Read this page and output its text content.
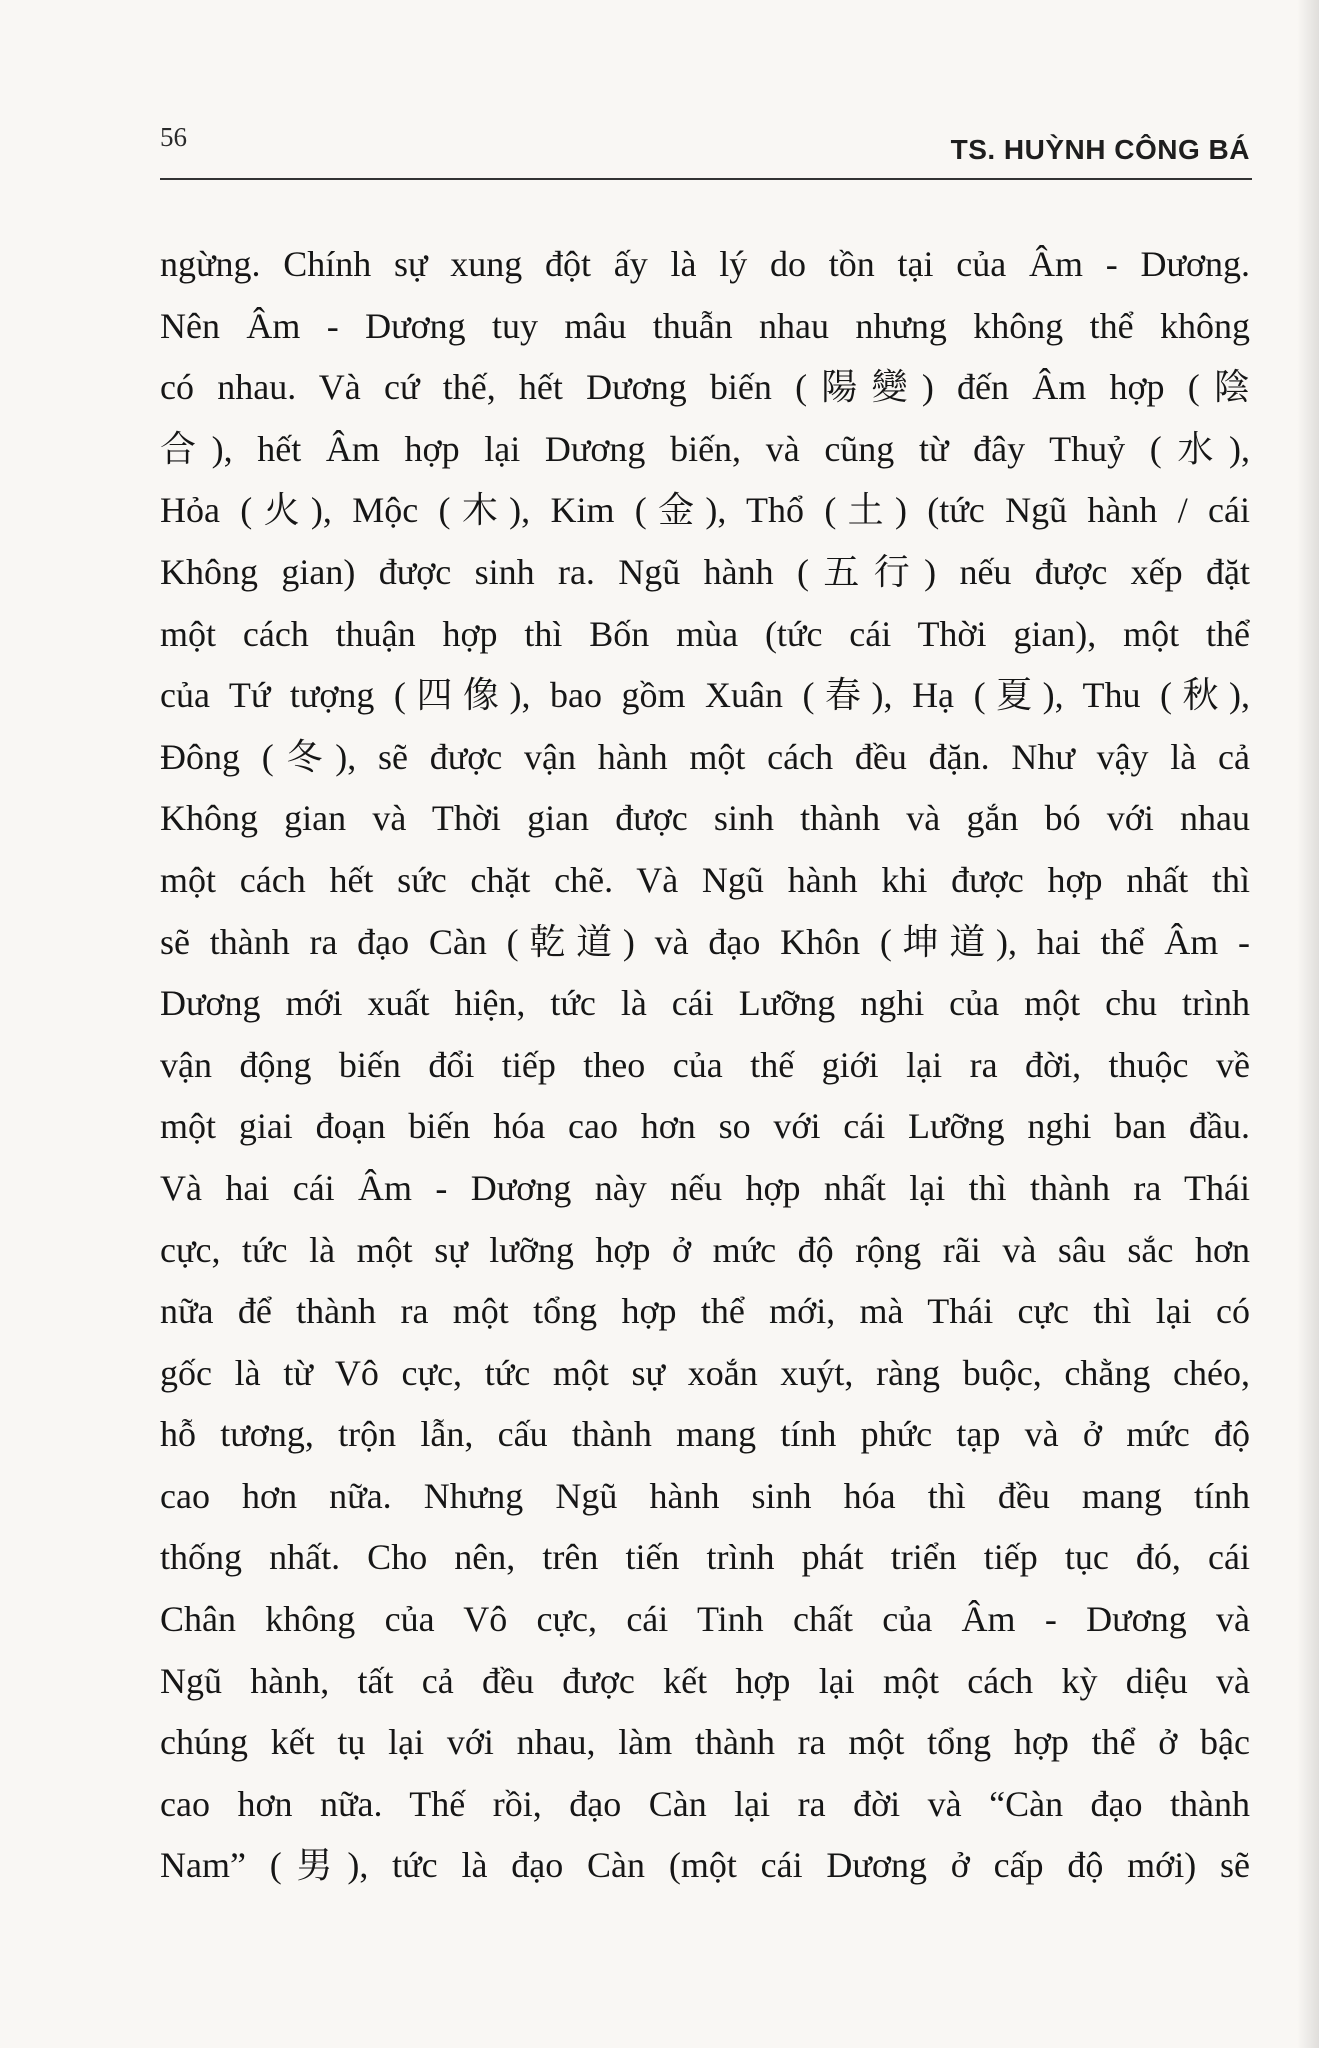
56	TS. HUỲNH CÔNG BÁ
ngừng. Chính sự xung đột ấy là lý do tồn tại của Âm - Dương.
Nên Âm - Dương tuy mâu thuẫn nhau nhưng không thể không
có nhau. Và cứ thế, hết Dương biến (陽變) đến Âm hợp (陰
合), hết Âm hợp lại Dương biến, và cũng từ đây Thuỷ (水),
Hỏa (火), Mộc (木), Kim (金), Thổ (土) (tức Ngũ hành / cái
Không gian) được sinh ra. Ngũ hành (五行) nếu được xếp đặt
một cách thuận hợp thì Bốn mùa (tức cái Thời gian), một thể
của Tứ tượng (四像), bao gồm Xuân (春), Hạ (夏), Thu (秋),
Đông (冬), sẽ được vận hành một cách đều đặn. Như vậy là cả
Không gian và Thời gian được sinh thành và gắn bó với nhau
một cách hết sức chặt chẽ. Và Ngũ hành khi được hợp nhất thì
sẽ thành ra đạo Càn (乾道) và đạo Khôn (坤道), hai thể Âm -
Dương mới xuất hiện, tức là cái Lưỡng nghi của một chu trình
vận động biến đổi tiếp theo của thế giới lại ra đời, thuộc về
một giai đoạn biến hóa cao hơn so với cái Lưỡng nghi ban đầu.
Và hai cái Âm - Dương này nếu hợp nhất lại thì thành ra Thái
cực, tức là một sự lưỡng hợp ở mức độ rộng rãi và sâu sắc hơn
nữa để thành ra một tổng hợp thể mới, mà Thái cực thì lại có
gốc là từ Vô cực, tức một sự xoắn xuýt, ràng buộc, chằng chéo,
hỗ tương, trộn lẫn, cấu thành mang tính phức tạp và ở mức độ
cao hơn nữa. Nhưng Ngũ hành sinh hóa thì đều mang tính
thống nhất. Cho nên, trên tiến trình phát triển tiếp tục đó, cái
Chân không của Vô cực, cái Tinh chất của Âm - Dương và
Ngũ hành, tất cả đều được kết hợp lại một cách kỳ diệu và
chúng kết tụ lại với nhau, làm thành ra một tổng hợp thể ở bậc
cao hơn nữa. Thế rồi, đạo Càn lại ra đời và “Càn đạo thành
Nam” (男), tức là đạo Càn (một cái Dương ở cấp độ mới) sẽ
